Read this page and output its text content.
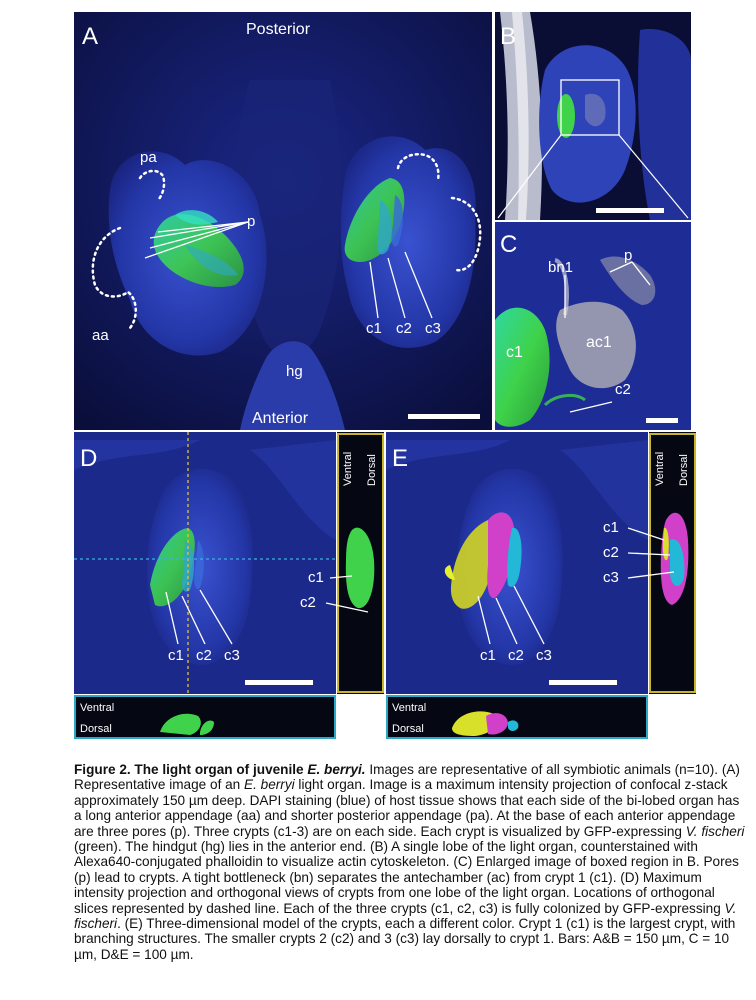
A	Posterior
Anterior
pa
aa
p
hg
c1 c2 c3
B
C	p
bn1
ac1
c1
c2
D
c1 c2 c3
c1
c2
Ventral Dorsal
Ventral
Dorsal
E
c1 c2 c3
c1
c2
c3
Ventral Dorsal
Ventral
Dorsal

Figure 2. The light organ of juvenile E. berryi. Images are representative of all symbiotic animals (n=10). (A) Representative image of an E. berryi light organ. Image is a maximum intensity projection of confocal z-stack approximately 150 µm deep. DAPI staining (blue) of host tissue shows that each side of the bi-lobed organ has a long anterior appendage (aa) and shorter posterior appendage (pa). At the base of each anterior appendage are three pores (p). Three crypts (c1-3) are on each side. Each crypt is visualized by GFP-expressing V. fischeri (green). The hindgut (hg) lies in the anterior end. (B) A single lobe of the light organ, counterstained with Alexa640-conjugated phalloidin to visualize actin cytoskeleton. (C) Enlarged image of boxed region in B. Pores (p) lead to crypts. A tight bottleneck (bn) separates the antechamber (ac) from crypt 1 (c1). (D) Maximum intensity projection and orthogonal views of crypts from one lobe of the light organ. Locations of orthogonal slices represented by dashed line. Each of the three crypts (c1, c2, c3) is fully colonized by GFP-expressing V. fischeri. (E) Three-dimensional model of the crypts, each a different color. Crypt 1 (c1) is the largest crypt, with branching structures. The smaller crypts 2 (c2) and 3 (c3) lay dorsally to crypt 1. Bars: A&B = 150 µm, C = 10 µm, D&E = 100 µm.
